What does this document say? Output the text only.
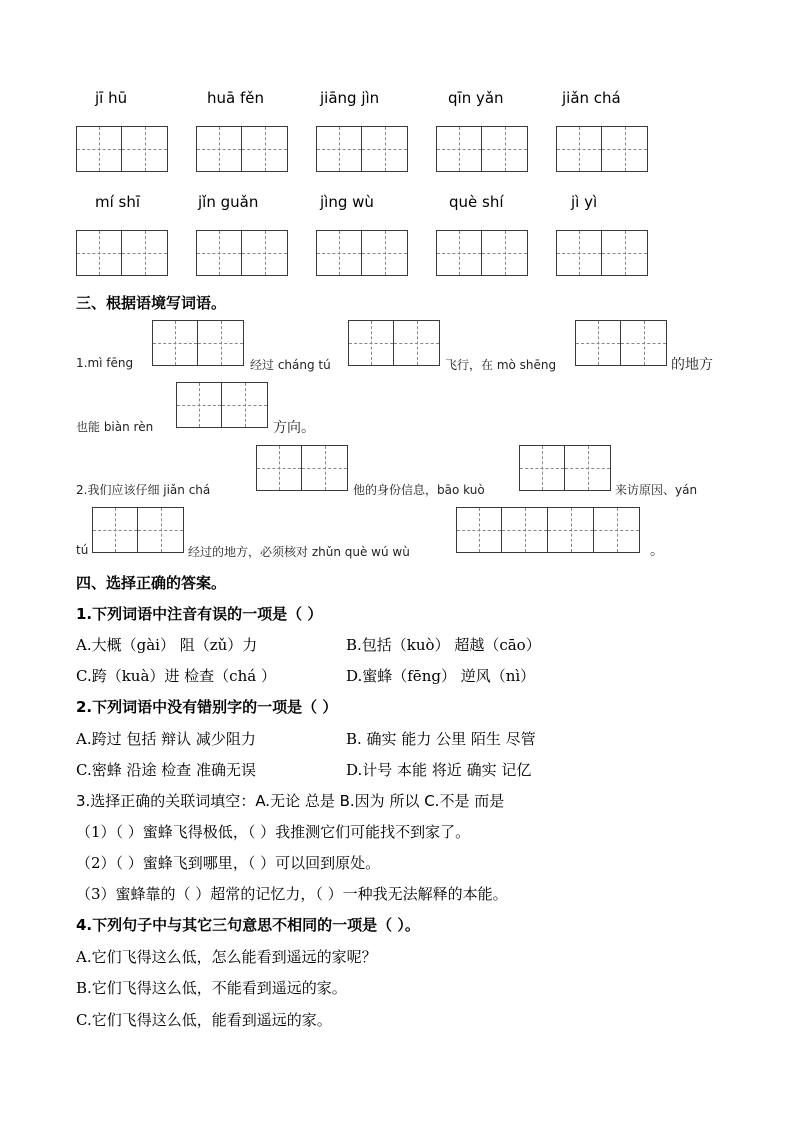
jī hū	huā fěn	jiāng jìn	qīn yǎn	jiǎn chá
mí shī	jǐn guǎn	jìng wù	què shí	jì yì
三、根据语境写词语。
1.mì fēng	经过 cháng tú	飞行，在 mò shēng	的地方
也能 biàn rèn	方向。
2.我们应该仔细 jiǎn chá	他的身份信息，bāo kuò	来访原因、yán
tú	经过的地方，必须核对 zhǔn què wú wù	。
四、选择正确的答案。
1.下列词语中注音有误的一项是（ ）
A.大概（gài） 阻（zǔ）力	B.包括（kuò） 超越（cāo）
C.跨（kuà）进 检查（chá ）	D.蜜蜂（fēng） 逆风（nì）
2.下列词语中没有错别字的一项是（ ）
A.跨过 包括 辩认 减少阻力	B. 确实 能力 公里 陌生 尽管
C.密蜂 沿途 检查 准确无误	D.计号 本能 将近 确实 记亿
3.选择正确的关联词填空：A.无论 总是 B.因为 所以 C.不是 而是
（1）（ ）蜜蜂飞得极低，（ ）我推测它们可能找不到家了。
（2）（ ）蜜蜂飞到哪里，（ ）可以回到原处。
（3）蜜蜂靠的（ ）超常的记忆力，（ ）一种我无法解释的本能。
4.下列句子中与其它三句意思不相同的一项是（ ）。
A.它们飞得这么低，怎么能看到遥远的家呢？
B.它们飞得这么低，不能看到遥远的家。
C.它们飞得这么低，能看到遥远的家。
